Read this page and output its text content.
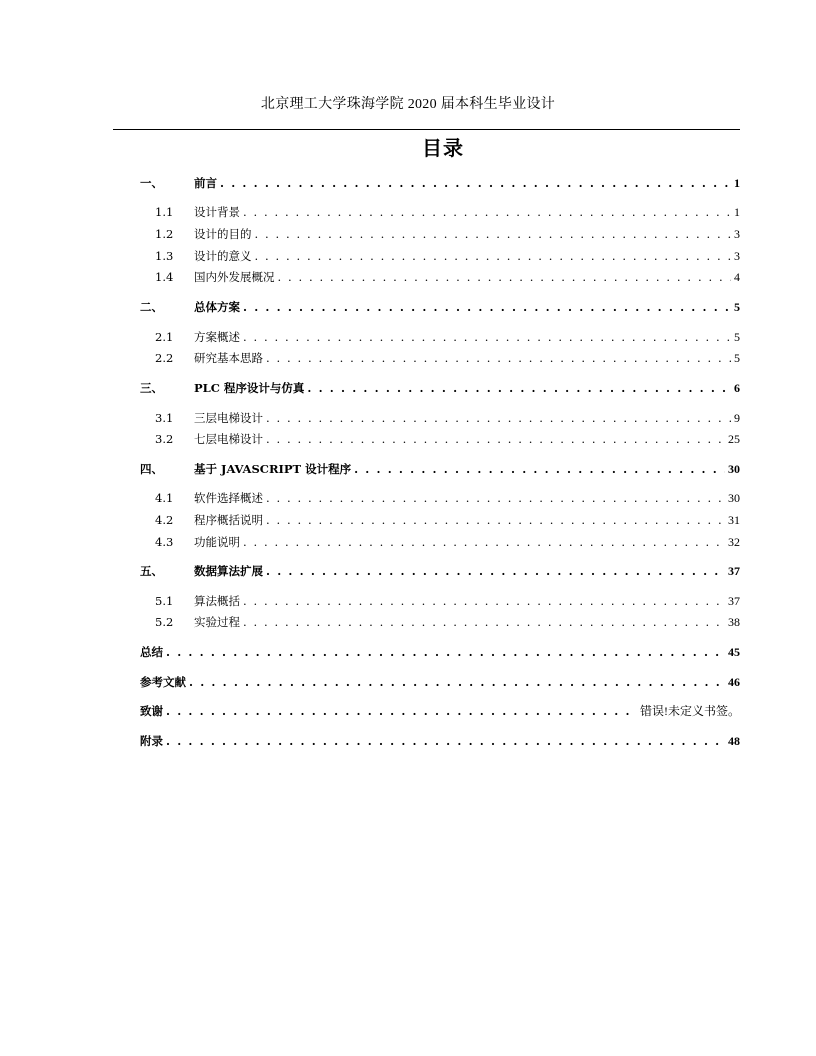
北京理工大学珠海学院 2020 届本科生毕业设计
目录
一、	前言 . . .	1
1.1	设计背景 . . .	1
1.2	设计的目的 . . .	3
1.3	设计的意义 . . .	3
1.4	国内外发展概况 . . .	4
二、	总体方案 . . .	5
2.1	方案概述 . . .	5
2.2	研究基本思路 . . .	5
三、	PLC 程序设计与仿真 . . .	6
3.1	三层电梯设计 . . .	9
3.2	七层电梯设计 . . .	25
四、	基于 JAVASCRIPT 设计程序 . . .	30
4.1	软件选择概述 . . .	30
4.2	程序概括说明 . . .	31
4.3	功能说明 . . .	32
五、	数据算法扩展 . . .	37
5.1	算法概括 . . .	37
5.2	实验过程 . . .	38
总结 . . .	45
参考文献 . . .	46
致谢 . . .	错误!未定义书签。
附录 . . .	48
